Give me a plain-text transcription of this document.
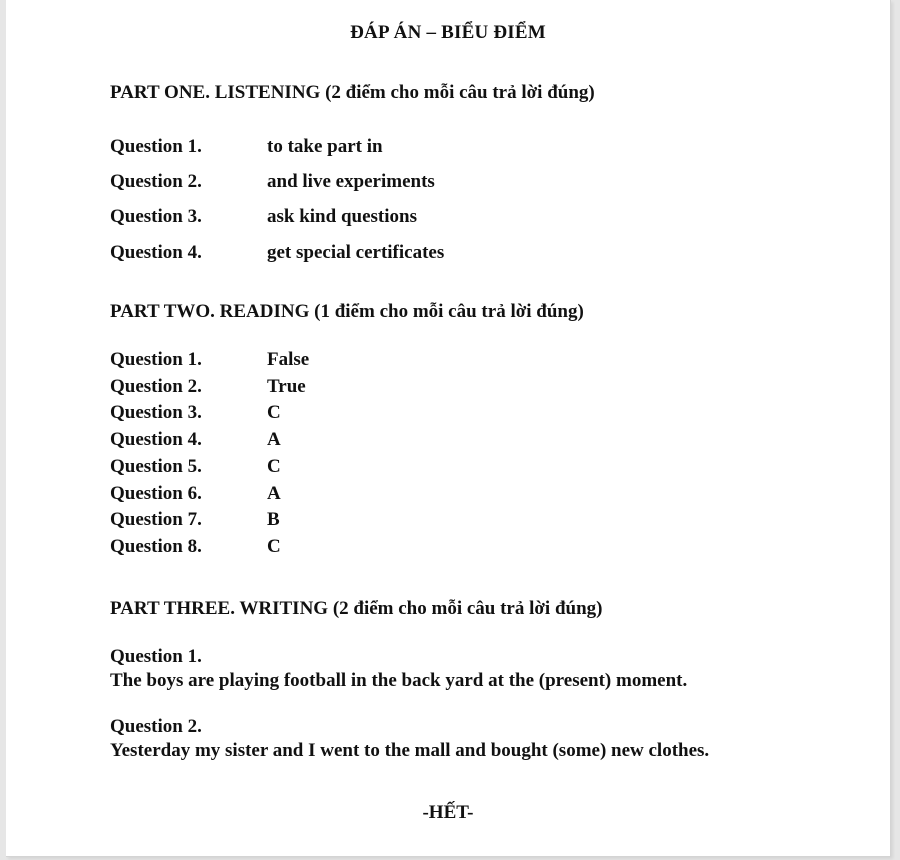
ĐÁP ÁN – BIỂU ĐIỂM
PART ONE. LISTENING (2 điểm cho mỗi câu trả lời đúng)
Question 1.	to take part in
Question 2.	and live experiments
Question 3.	ask kind questions
Question 4.	get special certificates
PART TWO. READING (1 điểm cho mỗi câu trả lời đúng)
Question 1.	False
Question 2.	True
Question 3.	C
Question 4.	A
Question 5.	C
Question 6.	A
Question 7.	B
Question 8.	C
PART THREE. WRITING (2 điểm cho mỗi câu trả lời đúng)
Question 1.
The boys are playing football in the back yard at the (present) moment.
Question 2.
Yesterday my sister and I went to the mall and bought (some) new clothes.
-HẾT-
